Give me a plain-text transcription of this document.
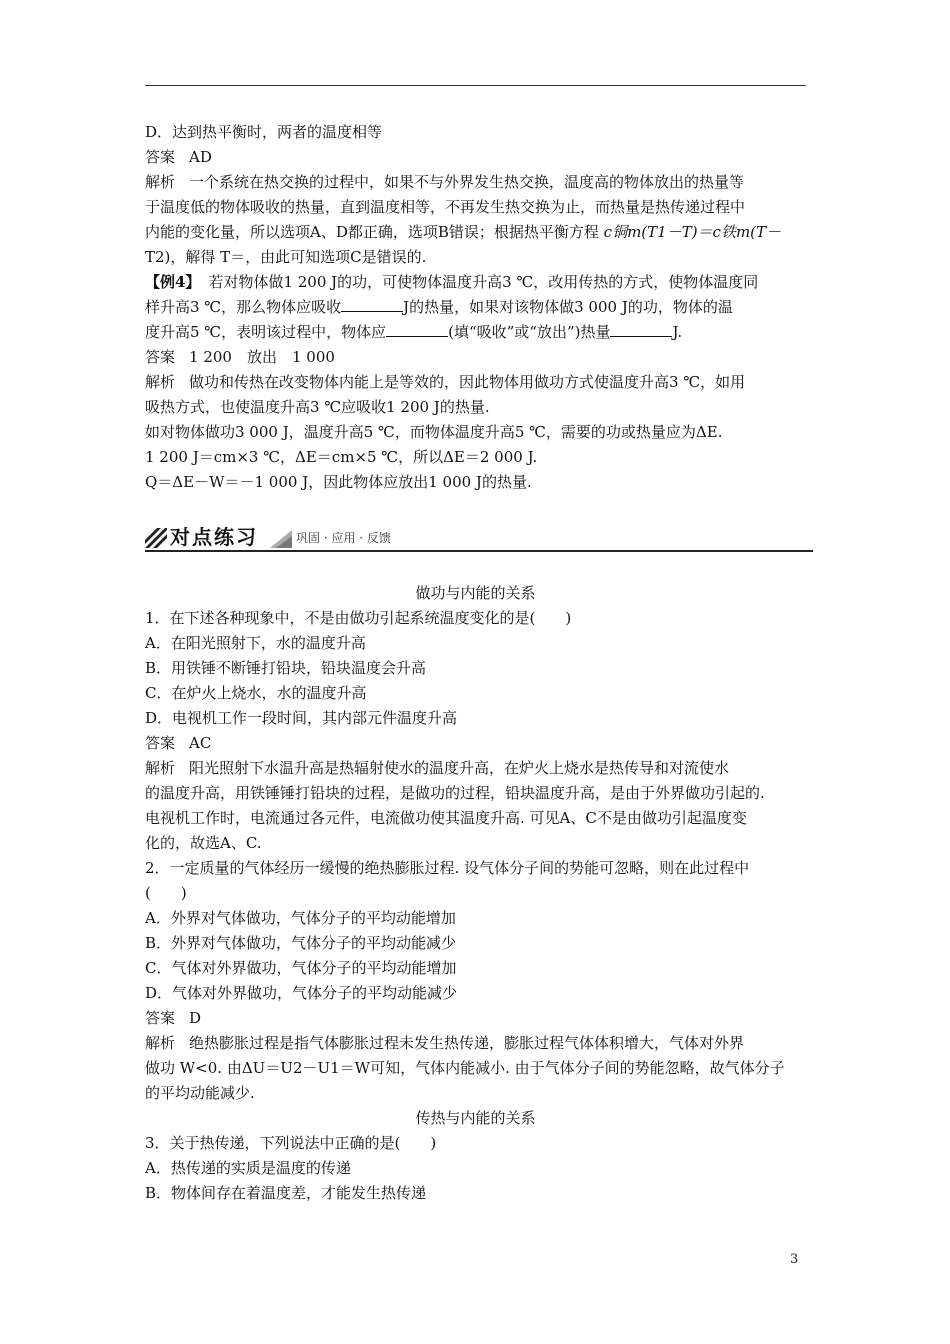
D．达到热平衡时，两者的温度相等
答案 AD
解析 一个系统在热交换的过程中，如果不与外界发生热交换，温度高的物体放出的热量等
于温度低的物体吸收的热量，直到温度相等，不再发生热交换为止，而热量是热传递过程中
内能的变化量，所以选项A、D都正确，选项B错误；根据热平衡方程 c铜m(T1－T)＝c铁m(T－
T2)，解得 T＝，由此可知选项C是错误的.
【例4】 若对物体做1 200 J的功，可使物体温度升高3 ℃，改用传热的方式，使物体温度同
样升高3 ℃，那么物体应吸收	J的热量，如果对该物体做3 000 J的功，物体的温
度升高5 ℃，表明该过程中，物体应	(填“吸收”或“放出”)热量	J.
答案 1 200　放出　1 000
解析 做功和传热在改变物体内能上是等效的，因此物体用做功方式使温度升高3 ℃，如用
吸热方式，也使温度升高3 ℃应吸收1 200 J的热量.
如对物体做功3 000 J，温度升高5 ℃，而物体温度升高5 ℃，需要的功或热量应为ΔE.
1 200 J＝cm×3 ℃，ΔE＝cm×5 ℃，所以ΔE＝2 000 J.
Q＝ΔE－W＝－1 000 J，因此物体应放出1 000 J的热量.
对点练习	巩固 · 应用 · 反馈
做功与内能的关系
1．在下述各种现象中，不是由做功引起系统温度变化的是(　　)
A．在阳光照射下，水的温度升高
B．用铁锤不断锤打铅块，铅块温度会升高
C．在炉火上烧水，水的温度升高
D．电视机工作一段时间，其内部元件温度升高
答案 AC
解析 阳光照射下水温升高是热辐射使水的温度升高，在炉火上烧水是热传导和对流使水
的温度升高，用铁锤锤打铅块的过程，是做功的过程，铅块温度升高，是由于外界做功引起的.
电视机工作时，电流通过各元件，电流做功使其温度升高. 可见A、C不是由做功引起温度变
化的，故选A、C.
2．一定质量的气体经历一缓慢的绝热膨胀过程. 设气体分子间的势能可忽略，则在此过程中
(　　)
A．外界对气体做功，气体分子的平均动能增加
B．外界对气体做功，气体分子的平均动能减少
C．气体对外界做功，气体分子的平均动能增加
D．气体对外界做功，气体分子的平均动能减少
答案 D
解析 绝热膨胀过程是指气体膨胀过程未发生热传递，膨胀过程气体体积增大，气体对外界
做功 W<0. 由ΔU＝U2－U1＝W可知，气体内能减小. 由于气体分子间的势能忽略，故气体分子
的平均动能减少.
传热与内能的关系
3．关于热传递，下列说法中正确的是(　　)
A．热传递的实质是温度的传递
B．物体间存在着温度差，才能发生热传递
3
